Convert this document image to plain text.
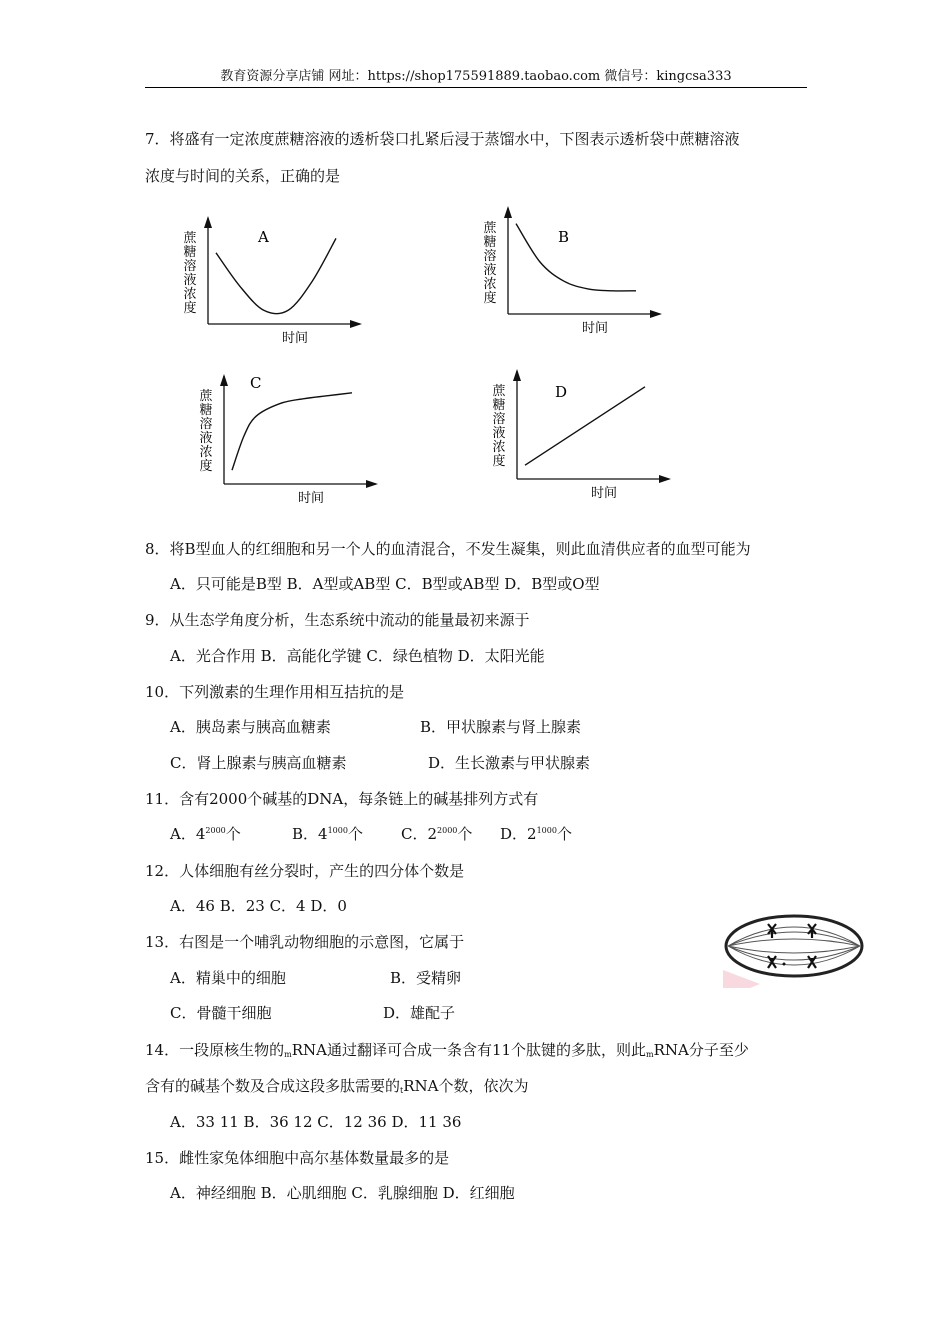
教育资源分享店铺 网址：https://shop175591889.taobao.com 微信号：kingcsa333
7．将盛有一定浓度蔗糖溶液的透析袋口扎紧后浸于蒸馏水中，下图表示透析袋中蔗糖溶液
浓度与时间的关系，正确的是
蔗
糖
溶
液
浓
度
时间
A	蔗
糖
溶
液
浓
度
时间
B
蔗
糖
溶
液
浓
度
时间
C	蔗
糖
溶
液
浓
度
时间
D
8．将B型血人的红细胞和另一个人的血清混合，不发生凝集，则此血清供应者的血型可能为
A．只可能是B型 B．A型或AB型 C．B型或AB型 D．B型或O型
9．从生态学角度分析，生态系统中流动的能量最初来源于
A．光合作用 B．高能化学键 C．绿色植物 D．太阳光能
10．下列激素的生理作用相互拮抗的是
A．胰岛素与胰高血糖素	B．甲状腺素与肾上腺素
C．肾上腺素与胰高血糖素	D．生长激素与甲状腺素
11．含有2000个碱基的DNA，每条链上的碱基排列方式有
A．$4^{2000}$个	B．$4^{1000}$个	C．$2^{2000}$个 D．$2^{1000}$个
12．人体细胞有丝分裂时，产生的四分体个数是
A．46 B．23 C．4 D．0
13．右图是一个哺乳动物细胞的示意图，它属于
A．精巢中的细胞	B．受精卵
C．骨髓干细胞	D．雄配子
14．一段原核生物的$_m$RNA通过翻译可合成一条含有11个肽键的多肽，则此$_m$RNA分子至少
含有的碱基个数及合成这段多肽需要的$_t$RNA个数，依次为
A．33 11 B．36 12 C．12 36 D．11 36
15．雌性家兔体细胞中高尔基体数量最多的是
A．神经细胞 B．心肌细胞 C．乳腺细胞 D．红细胞
